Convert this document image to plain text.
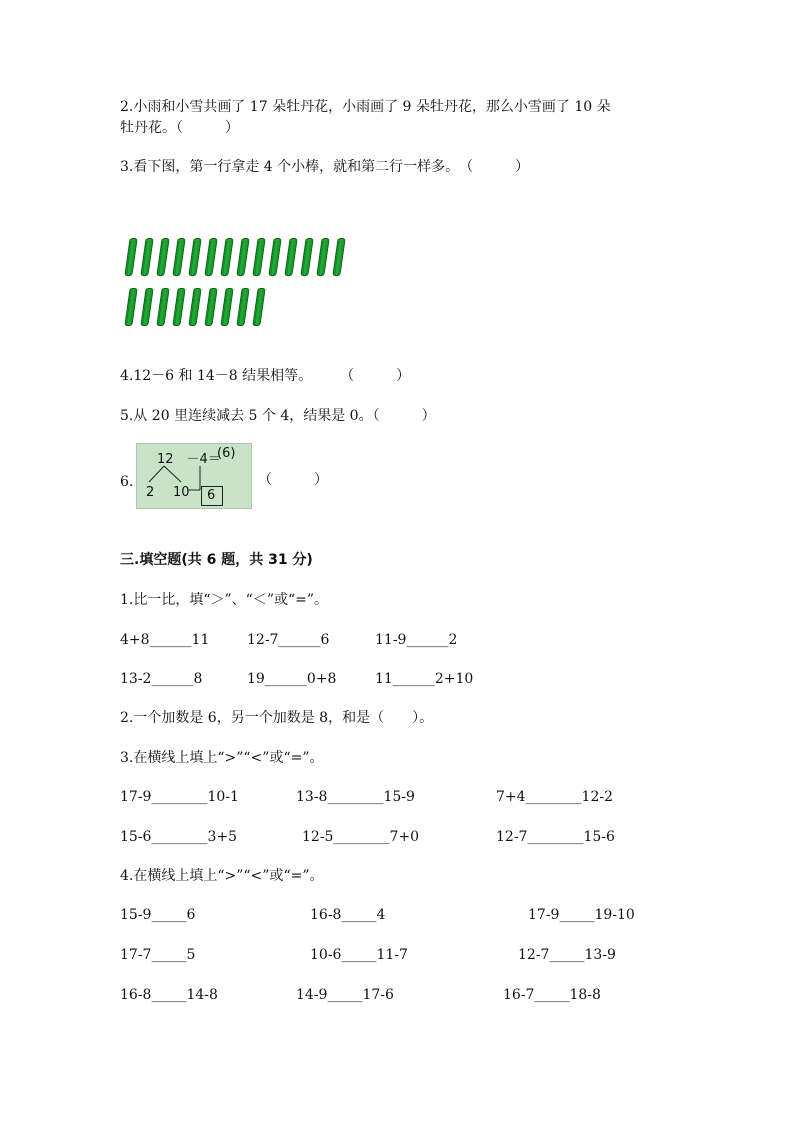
2.小雨和小雪共画了 17 朵牡丹花，小雨画了 9 朵牡丹花，那么小雪画了 10 朵
牡丹花。（　　　）
3.看下图，第一行拿走 4 个小棒，就和第二行一样多。　（　　　）
4.12－6 和 14－8 结果相等。　　　（　　　）
5.从 20 里连续减去 5 个 4，结果是 0。（　　　）
6.
12　－4＝
(6)
2 10 6
（　　　）
三.填空题(共 6 题，共 31 分)
1.比一比，填“＞”、“＜”或“=”。
4+8______11	12-7______6	11-9______2
13-2______8	19______0+8	11______2+10
2.一个加数是 6，另一个加数是 8，和是（　　）。
3.在横线上填上“>”“<”或“=”。
17-9________10-1	13-8________15-9	7+4________12-2
15-6________3+5	12-5________7+0	12-7________15-6
4.在横线上填上“>”“<”或“=”。
15-9_____6	16-8_____4	17-9_____19-10
17-7_____5	10-6_____11-7	12-7_____13-9
16-8_____14-8	14-9_____17-6	16-7_____18-8
